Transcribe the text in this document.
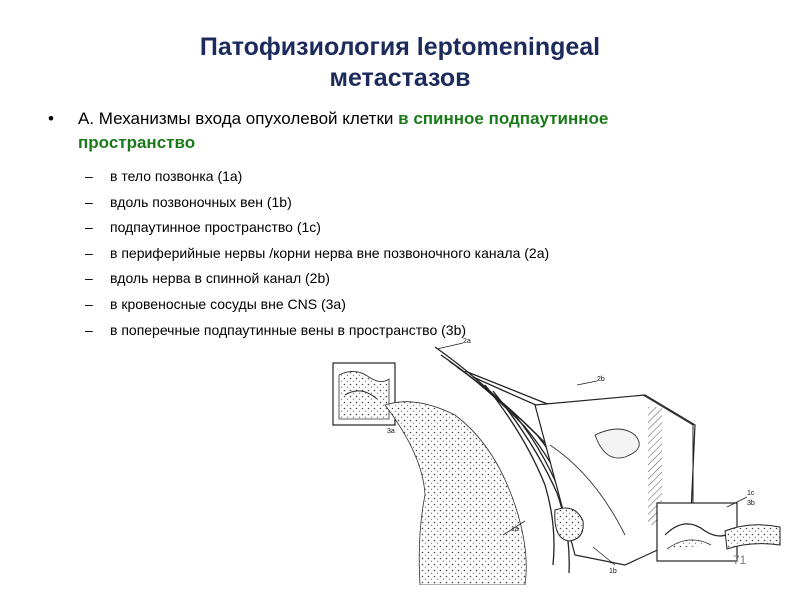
Патофизиология leptomeningeal
метастазов
• А. Механизмы входа опухолевой клетки в спинное подпаутинное пространство
– в тело позвонка (1a)
– вдоль позвоночных вен (1b)
– подпаутинное пространство (1c)
– в периферийные нервы /корни нерва вне позвоночного канала (2a)
– вдоль нерва в спинной канал (2b)
– в кровеносные сосуды вне CNS (3a)
– в поперечные подпаутинные вены в пространство (3b)
2a
2b
3a
1a
1b
1c
3b
71
